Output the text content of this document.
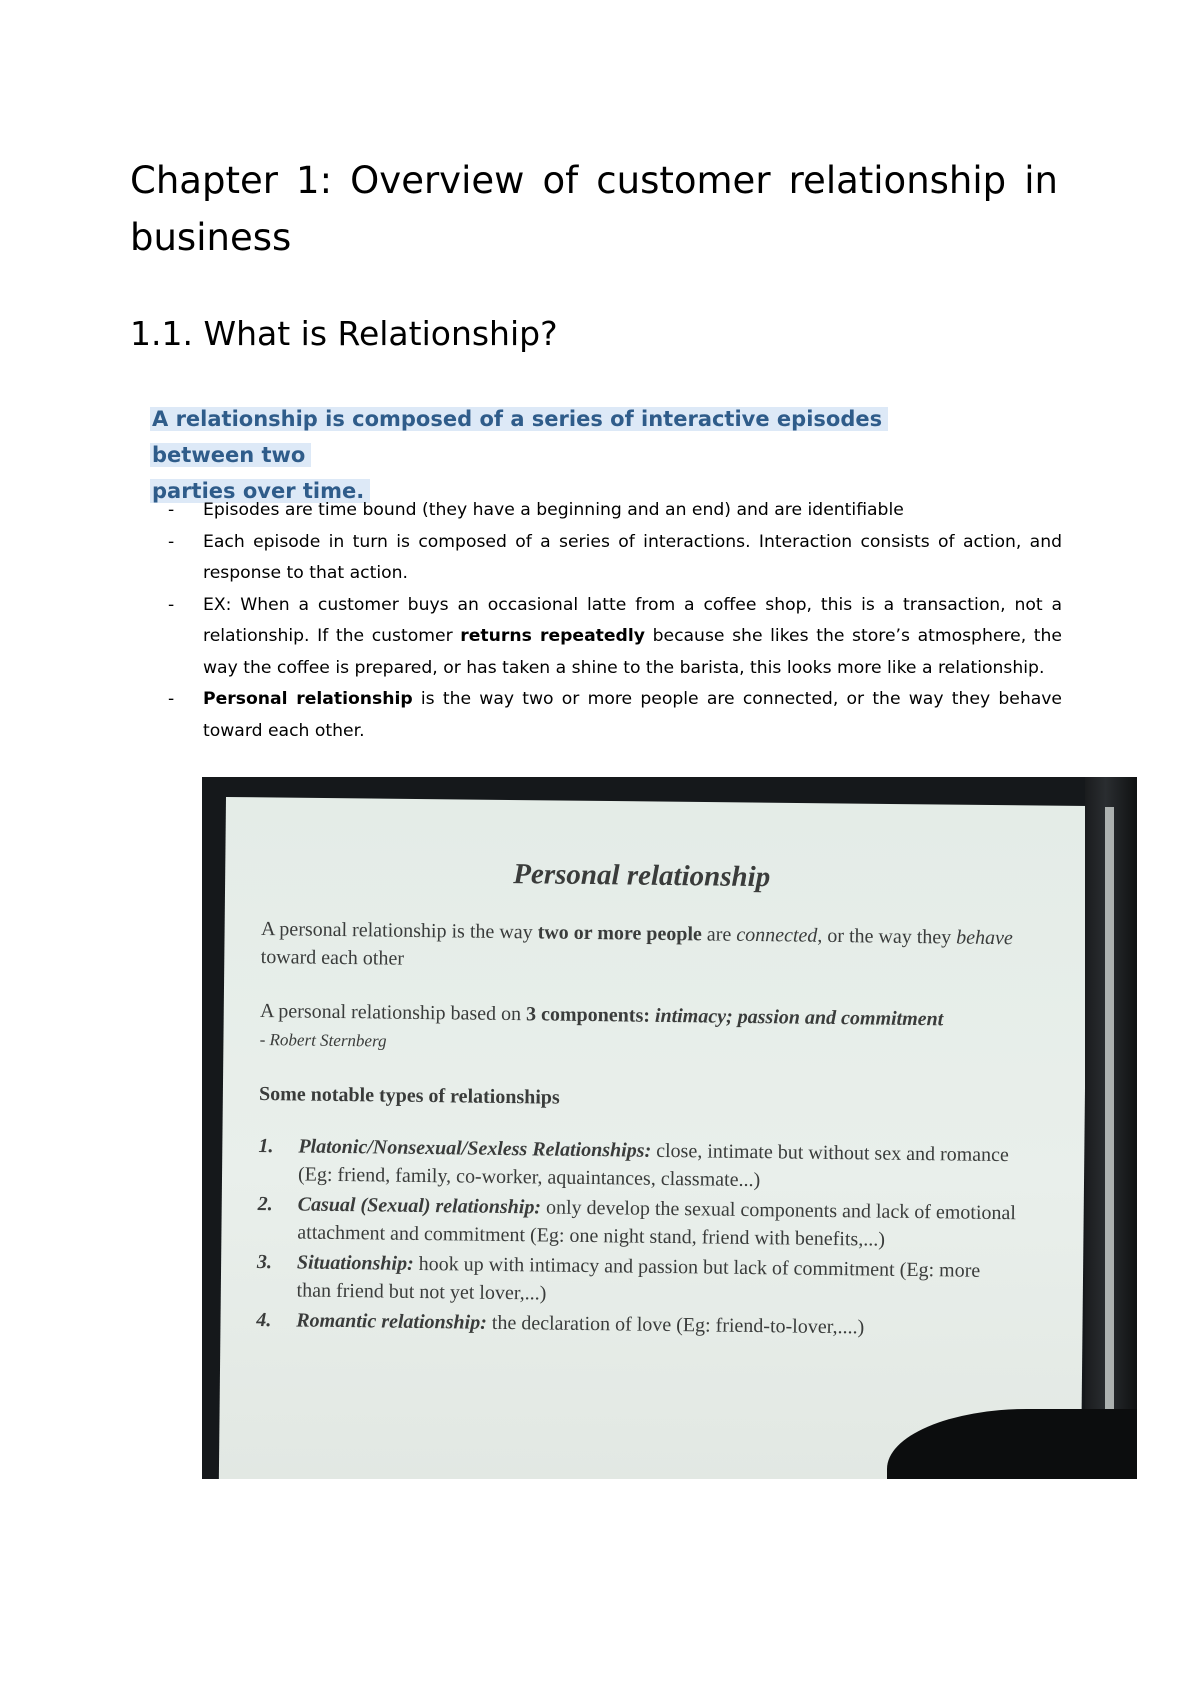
Chapter 1: Overview of customer relationship in business
1.1. What is Relationship?
A relationship is composed of a series of interactive episodes between two
parties over time.
- Episodes are time bound (they have a beginning and an end) and are identifiable
- Each episode in turn is composed of a series of interactions. Interaction consists of action, and response to that action.
- EX: When a customer buys an occasional latte from a coffee shop, this is a transaction, not a relationship. If the customer returns repeatedly because she likes the store’s atmosphere, the way the coffee is prepared, or has taken a shine to the barista, this looks more like a relationship.
- Personal relationship is the way two or more people are connected, or the way they behave toward each other.
Personal relationship

A personal relationship is the way two or more people are connected, or the way they behave toward each other

A personal relationship based on 3 components: intimacy; passion and commitment
- Robert Sternberg

Some notable types of relationships

1. Platonic/Nonsexual/Sexless Relationships: close, intimate but without sex and romance (Eg: friend, family, co-worker, aquaintances, classmate...)
2. Casual (Sexual) relationship: only develop the sexual components and lack of emotional attachment and commitment (Eg: one night stand, friend with benefits,...)
3. Situationship: hook up with intimacy and passion but lack of commitment (Eg: more than friend but not yet lover,...)
4. Romantic relationship: the declaration of love (Eg: friend-to-lover,....)
